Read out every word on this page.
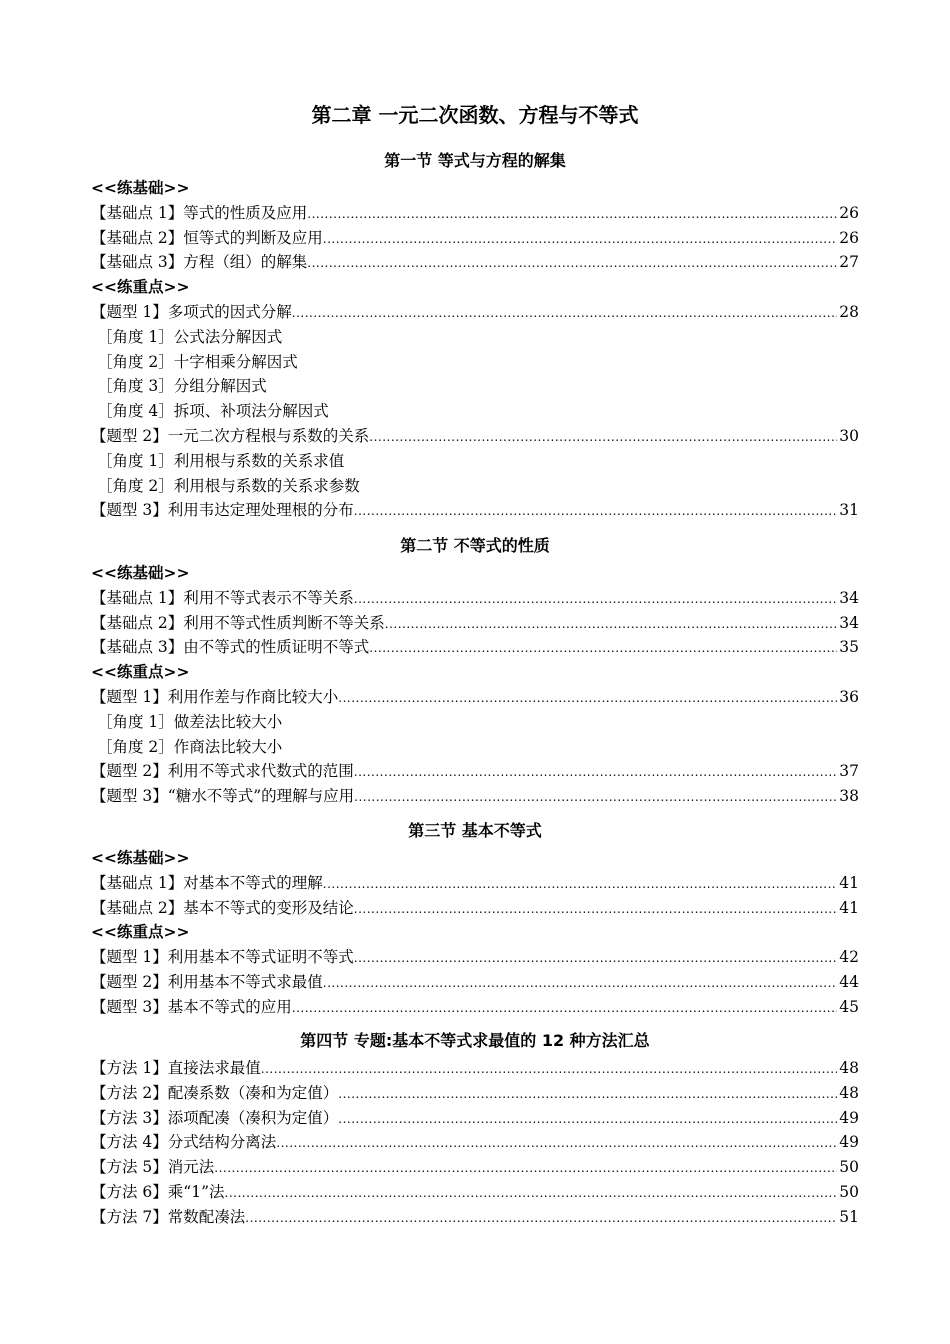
第二章 一元二次函数、方程与不等式
第一节 等式与方程的解集
<<练基础>>
【基础点 1】等式的性质及应用 .....	26
【基础点 2】恒等式的判断及应用 .....	26
【基础点 3】方程（组）的解集 .....	27
<<练重点>>
【题型 1】多项式的因式分解 .....	28
［角度 1］公式法分解因式
［角度 2］十字相乘分解因式
［角度 3］分组分解因式
［角度 4］拆项、补项法分解因式
【题型 2】一元二次方程根与系数的关系 .....	30
［角度 1］利用根与系数的关系求值
［角度 2］利用根与系数的关系求参数
【题型 3】利用韦达定理处理根的分布 .....	31
第二节 不等式的性质
<<练基础>>
【基础点 1】利用不等式表示不等关系 .....	34
【基础点 2】利用不等式性质判断不等关系 .....	34
【基础点 3】由不等式的性质证明不等式 .....	35
<<练重点>>
【题型 1】利用作差与作商比较大小 .....	36
［角度 1］做差法比较大小
［角度 2］作商法比较大小
【题型 2】利用不等式求代数式的范围 .....	37
【题型 3】“糖水不等式”的理解与应用 .....	38
第三节 基本不等式
<<练基础>>
【基础点 1】对基本不等式的理解 .....	41
【基础点 2】基本不等式的变形及结论 .....	41
<<练重点>>
【题型 1】利用基本不等式证明不等式 .....	42
【题型 2】利用基本不等式求最值 .....	44
【题型 3】基本不等式的应用 .....	45
第四节 专题:基本不等式求最值的 12 种方法汇总
【方法 1】直接法求最值 .....	48
【方法 2】配凑系数（凑和为定值） .....	48
【方法 3】添项配凑（凑积为定值） .....	49
【方法 4】分式结构分离法 .....	49
【方法 5】消元法 .....	50
【方法 6】乘“1”法 .....	50
【方法 7】常数配凑法 .....	51
